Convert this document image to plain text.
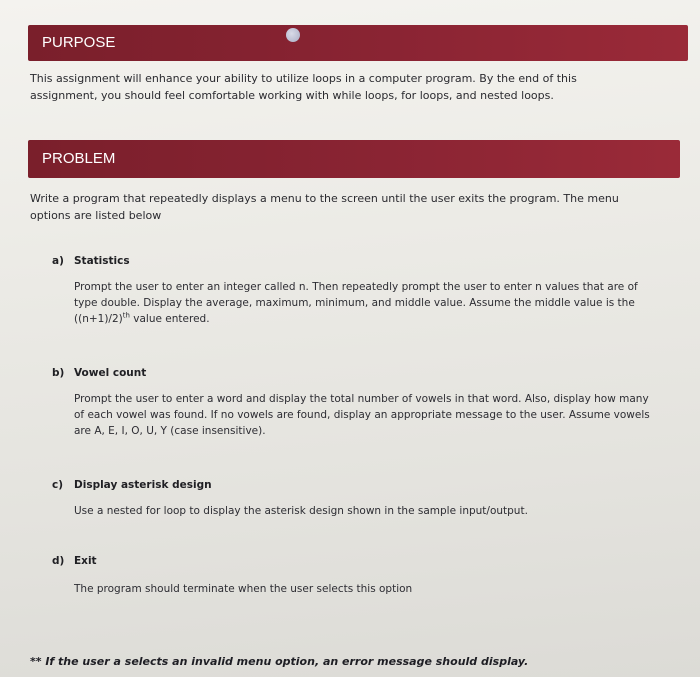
PURPOSE
This assignment will enhance your ability to utilize loops in a computer program. By the end of this assignment, you should feel comfortable working with while loops, for loops, and nested loops.
PROBLEM
Write a program that repeatedly displays a menu to the screen until the user exits the program. The menu options are listed below
a) Statistics
Prompt the user to enter an integer called n. Then repeatedly prompt the user to enter n values that are of type double. Display the average, maximum, minimum, and middle value. Assume the middle value is the $((n+1)/2)^{th}$ value entered.
b) Vowel count
Prompt the user to enter a word and display the total number of vowels in that word. Also, display how many of each vowel was found. If no vowels are found, display an appropriate message to the user. Assume vowels are A, E, I, O, U, Y (case insensitive).
c) Display asterisk design
Use a nested for loop to display the asterisk design shown in the sample input/output.
d) Exit
The program should terminate when the user selects this option
** If the user a selects an invalid menu option, an error message should display.
